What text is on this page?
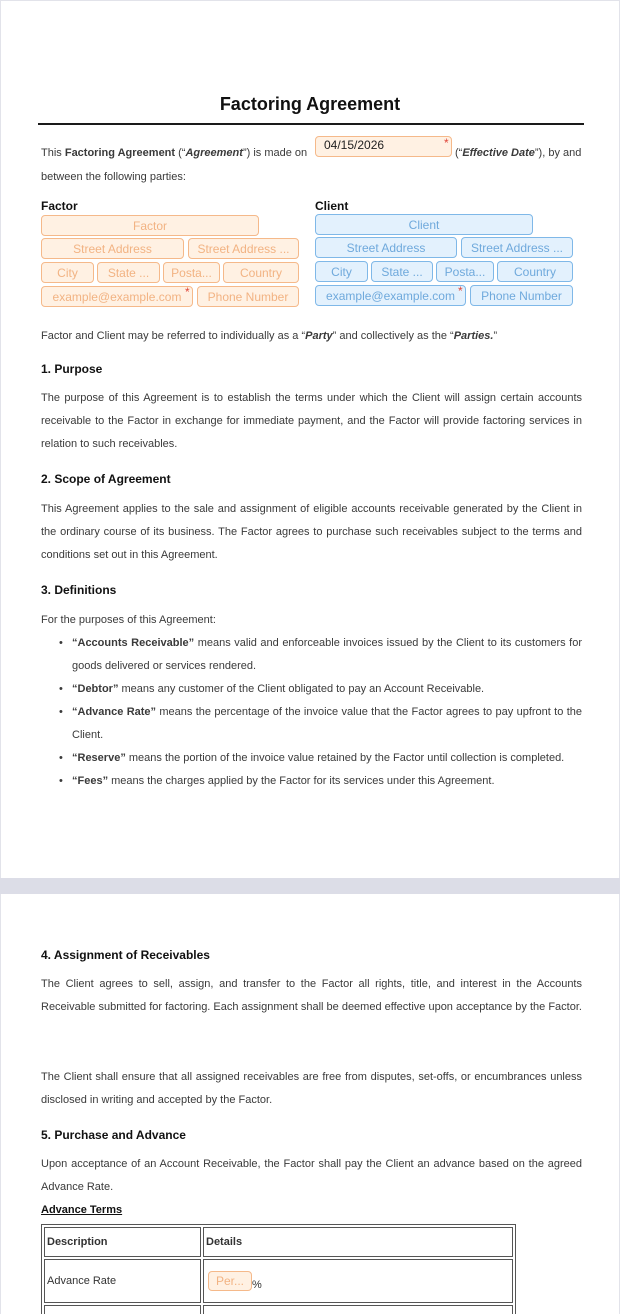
Factoring Agreement
This Factoring Agreement (“Agreement”) is made on
04/15/2026	*
(“Effective Date”), by and
between the following parties:
Factor
Factor
Street Address	Street Address ...
City	State ...	Posta...	Country
example@example.com *	Phone Number
Client
Client
Street Address	Street Address ...
City	State ...	Posta...	Country
example@example.com *	Phone Number
Factor and Client may be referred to individually as a “Party” and collectively as the “Parties.”
1. Purpose
The purpose of this Agreement is to establish the terms under which the Client will assign certain accounts receivable to the Factor in exchange for immediate payment, and the Factor will provide factoring services in relation to such receivables.
2. Scope of Agreement
This Agreement applies to the sale and assignment of eligible accounts receivable generated by the Client in the ordinary course of its business. The Factor agrees to purchase such receivables subject to the terms and conditions set out in this Agreement.
3. Definitions
For the purposes of this Agreement:
• “Accounts Receivable” means valid and enforceable invoices issued by the Client to its customers for goods delivered or services rendered.
• “Debtor” means any customer of the Client obligated to pay an Account Receivable.
• “Advance Rate” means the percentage of the invoice value that the Factor agrees to pay upfront to the Client.
• “Reserve” means the portion of the invoice value retained by the Factor until collection is completed.
• “Fees” means the charges applied by the Factor for its services under this Agreement.
4. Assignment of Receivables
The Client agrees to sell, assign, and transfer to the Factor all rights, title, and interest in the Accounts Receivable submitted for factoring. Each assignment shall be deemed effective upon acceptance by the Factor.
The Client shall ensure that all assigned receivables are free from disputes, set-offs, or encumbrances unless disclosed in writing and accepted by the Factor.
5. Purchase and Advance
Upon acceptance of an Account Receivable, the Factor shall pay the Client an advance based on the agreed Advance Rate.
Advance Terms
Description	Details
Advance Rate	Per... %
